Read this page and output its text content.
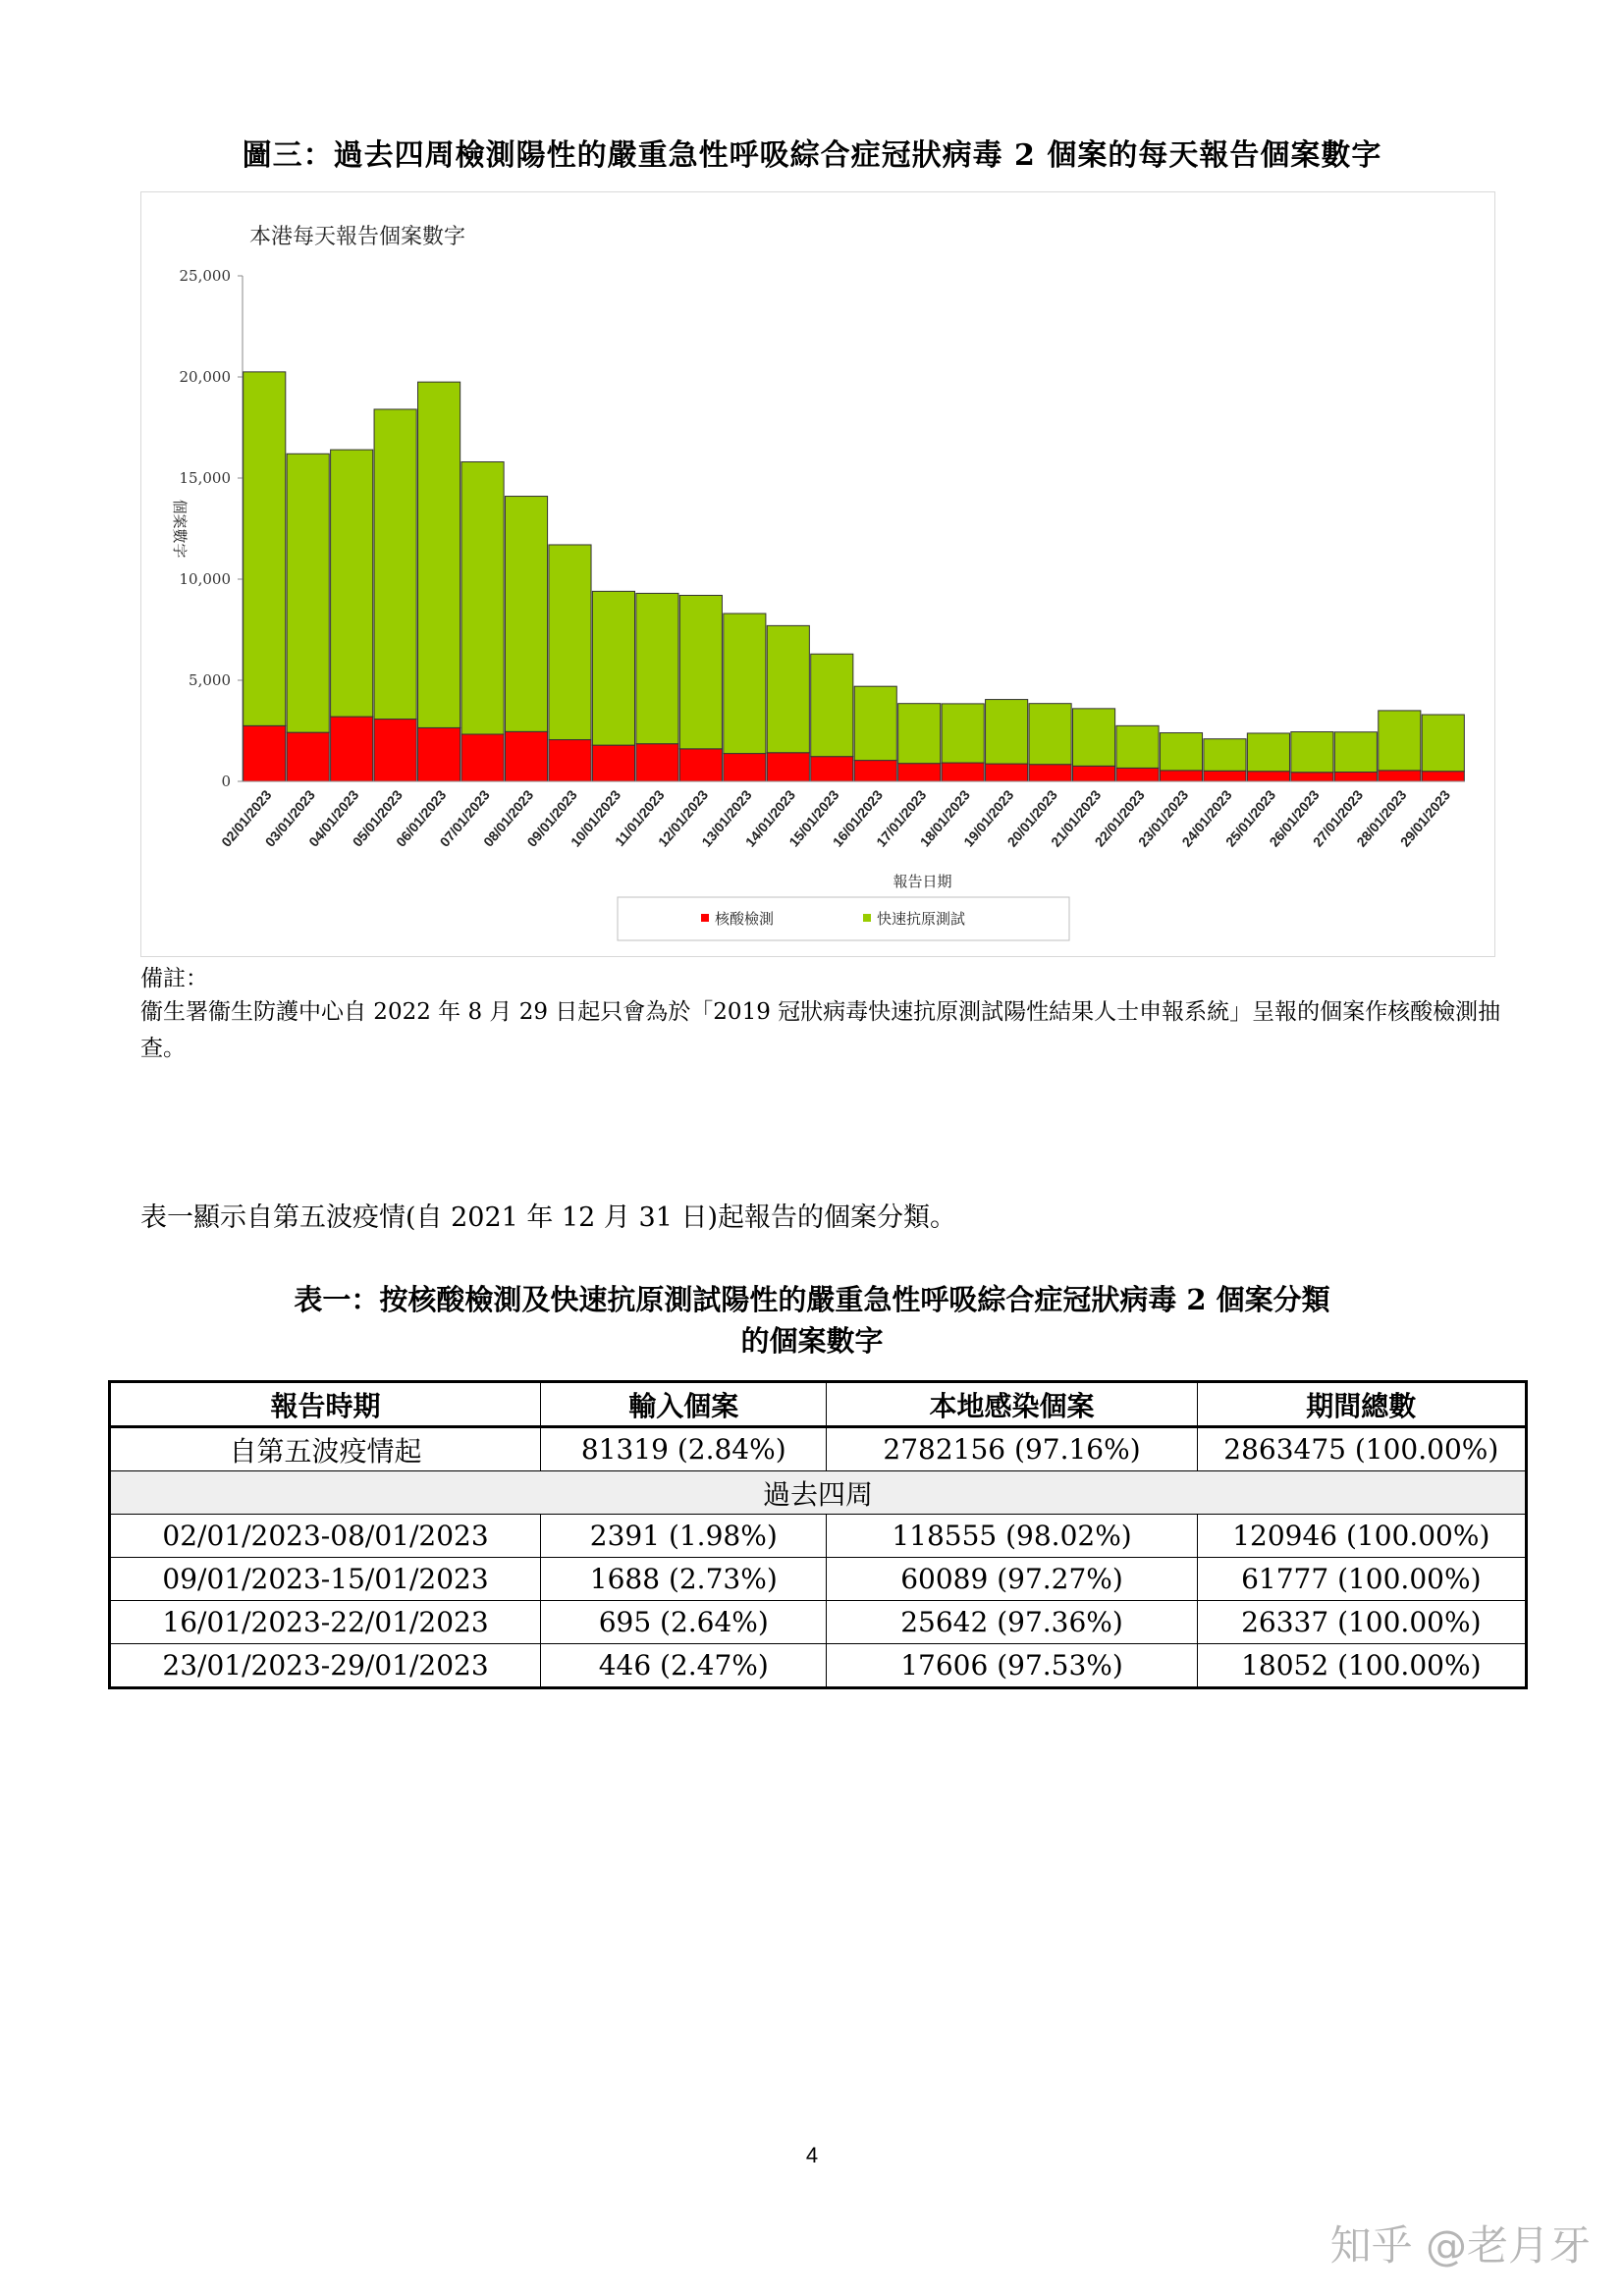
圖三：過去四周檢測陽性的嚴重急性呼吸綜合症冠狀病毒 2 個案的每天報告個案數字
本港每天報告個案數字
0
5,000
10,000
15,000
20,000
25,000
個案數字
02/01/2023
03/01/2023
04/01/2023
05/01/2023
06/01/2023
07/01/2023
08/01/2023
09/01/2023
10/01/2023
11/01/2023
12/01/2023
13/01/2023
14/01/2023
15/01/2023
16/01/2023
17/01/2023
18/01/2023
19/01/2023
20/01/2023
21/01/2023
22/01/2023
23/01/2023
24/01/2023
25/01/2023
26/01/2023
27/01/2023
28/01/2023
29/01/2023
報告日期
核酸檢測	快速抗原測試
備註：
衞生署衞生防護中心自 2022 年 8 月 29 日起只會為於「2019 冠狀病毒快速抗原測試陽性結果人士申報系統」呈報的個案作核酸檢測抽查。
表一顯示自第五波疫情(自 2021 年 12 月 31 日)起報告的個案分類。
表一：按核酸檢測及快速抗原測試陽性的嚴重急性呼吸綜合症冠狀病毒 2 個案分類
的個案數字
報告時期	輸入個案	本地感染個案	期間總數
自第五波疫情起	81319 (2.84%)	2782156 (97.16%)	2863475 (100.00%)
過去四周			
02/01/2023-08/01/2023	2391 (1.98%)	118555 (98.02%)	120946 (100.00%)
09/01/2023-15/01/2023	1688 (2.73%)	60089 (97.27%)	61777 (100.00%)
16/01/2023-22/01/2023	695 (2.64%)	25642 (97.36%)	26337 (100.00%)
23/01/2023-29/01/2023	446 (2.47%)	17606 (97.53%)	18052 (100.00%)
4
知乎 @老月牙
